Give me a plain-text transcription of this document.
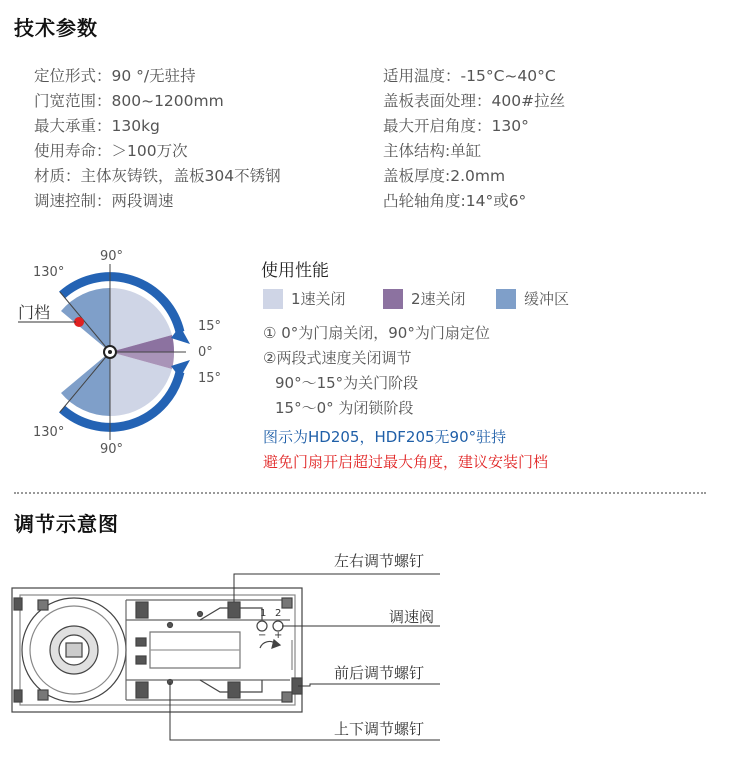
技术参数
定位形式：90 °/无驻持
门宽范围：800~1200mm
最大承重：130kg
使用寿命：＞100万次
材质：主体灰铸铁，盖板304不锈钢
调速控制：两段调速
适用温度：-15°C~40°C
盖板表面处理：400#拉丝
最大开启角度：130°
主体结构:单缸
盖板厚度:2.0mm
凸轮轴角度:14°或6°
90°
90°
130°
130°
15°
0°
15°
门档
使用性能
1速关闭	2速关闭	缓冲区
① 0°为门扇关闭，90°为门扇定位
②两段式速度关闭调节
90°～15°为关门阶段
15°～0° 为闭锁阶段
图示为HD205，HDF205无90°驻持
避免门扇开启超过最大角度，建议安装门档
调节示意图
1 2
− +
左右调节螺钉
调速阀
前后调节螺钉
上下调节螺钉
